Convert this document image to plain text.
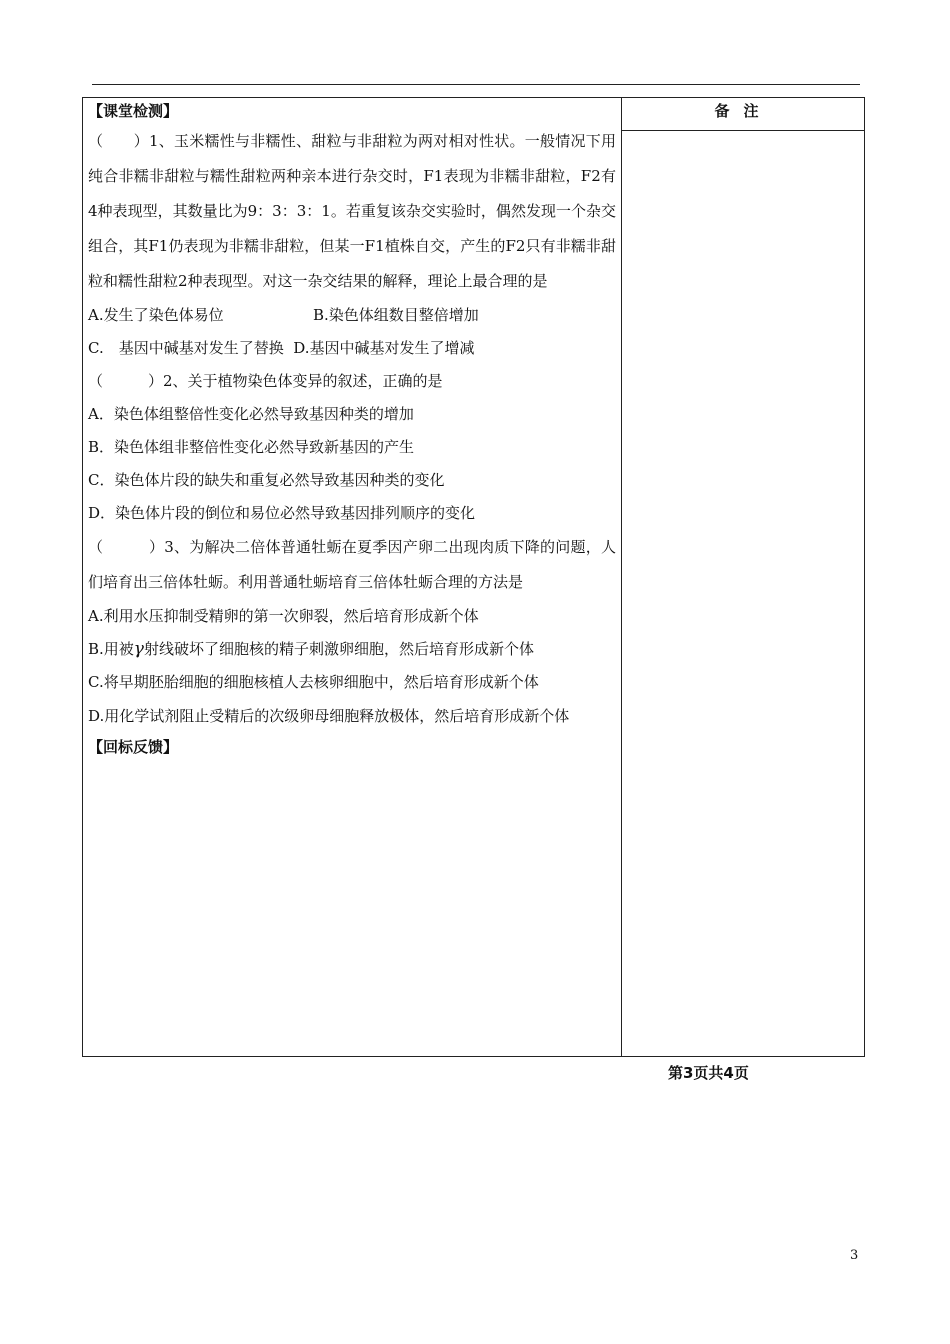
备注
【课堂检测】

（　　）1、玉米糯性与非糯性、甜粒与非甜粒为两对相对性状。一般情况下用纯合非糯非甜粒与糯性甜粒两种亲本进行杂交时，F1表现为非糯非甜粒，F2有4种表现型，其数量比为9：3：3：1。若重复该杂交实验时，偶然发现一个杂交组合，其F1仍表现为非糯非甜粒，但某一F1植株自交，产生的F2只有非糯非甜粒和糯性甜粒2种表现型。对这一杂交结果的解释，理论上最合理的是

A.发生了染色体易位	B.染色体组数目整倍增加
C.　基因中碱基对发生了替换 D.基因中碱基对发生了增减

（　　　）2、关于植物染色体变异的叙述，正确的是

A．染色体组整倍性变化必然导致基因种类的增加

B．染色体组非整倍性变化必然导致新基因的产生

C．染色体片段的缺失和重复必然导致基因种类的变化

D．染色体片段的倒位和易位必然导致基因排列顺序的变化

（　　　）3、为解决二倍体普通牡蛎在夏季因产卵二出现肉质下降的问题，人们培育出三倍体牡蛎。利用普通牡蛎培育三倍体牡蛎合理的方法是

A.利用水压抑制受精卵的第一次卵裂，然后培育形成新个体

B.用被γ射线破坏了细胞核的精子刺激卵细胞，然后培育形成新个体

C.将早期胚胎细胞的细胞核植人去核卵细胞中，然后培育形成新个体

D.用化学试剂阻止受精后的次级卵母细胞释放极体，然后培育形成新个体

【回标反馈】
第3页共4页
3
